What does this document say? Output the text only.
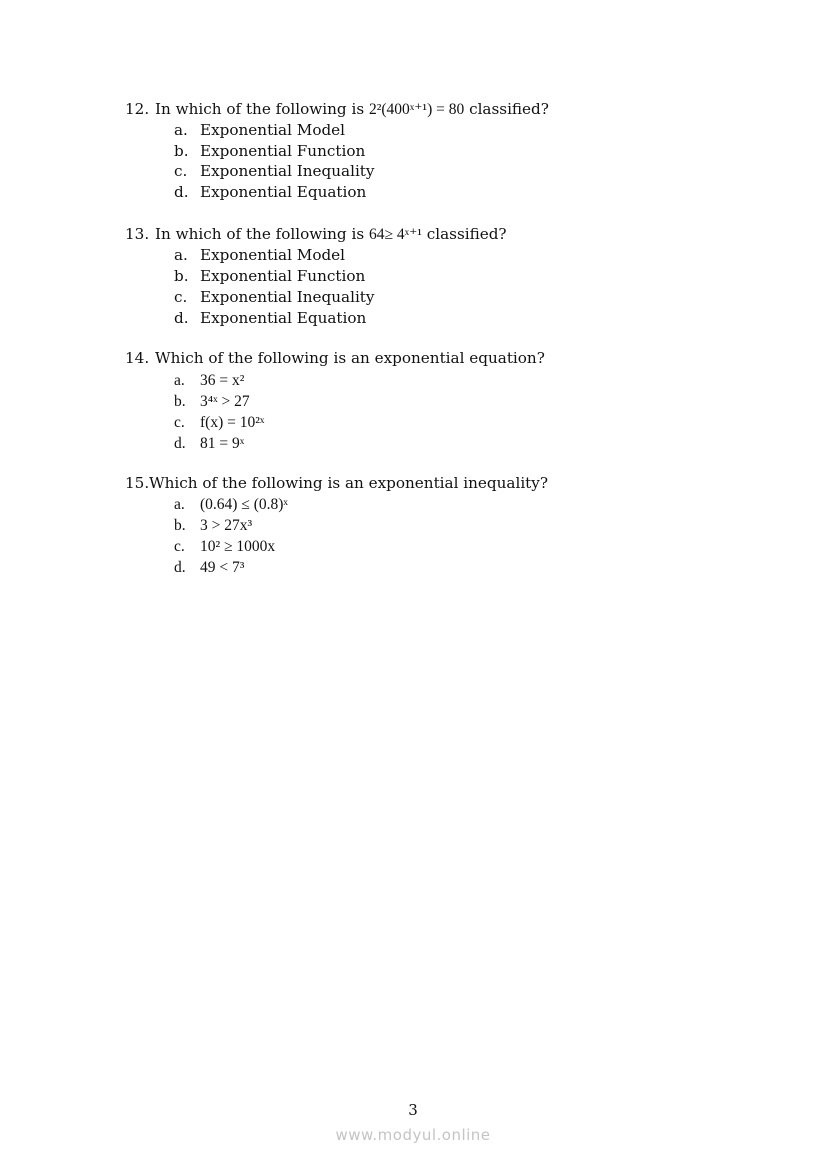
12. In which of the following is 2²(400ˣ⁺¹) = 80 classified?
a. Exponential Model
b. Exponential Function
c. Exponential Inequality
d. Exponential Equation
13. In which of the following is 64≥ 4ˣ⁺¹ classified?
a. Exponential Model
b. Exponential Function
c. Exponential Inequality
d. Exponential Equation
14. Which of the following is an exponential equation?
a. 36 = x²
b. 3⁴ˣ > 27
c. f(x) = 10²ˣ
d. 81 = 9ˣ
15.Which of the following is an exponential inequality?
a. (0.64) ≤ (0.8)ˣ
b. 3 > 27x³
c. 10² ≥ 1000x
d. 49 < 7³
3
www.modyul.online
